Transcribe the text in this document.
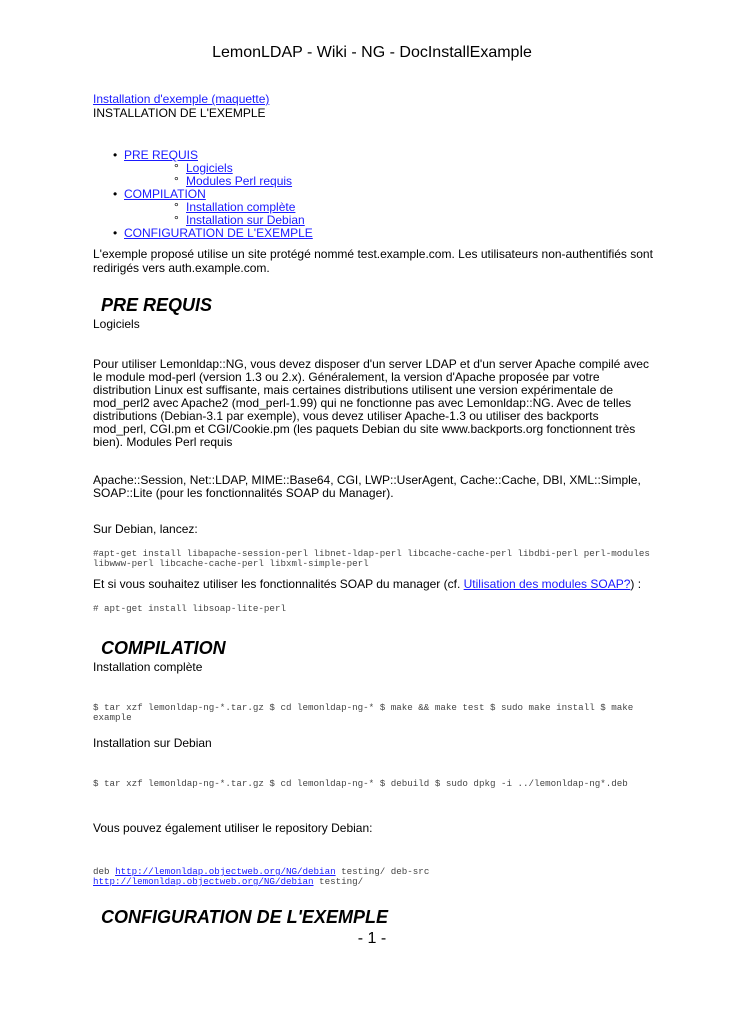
LemonLDAP - Wiki - NG - DocInstallExample
Installation d'exemple (maquette)
INSTALLATION DE L'EXEMPLE
• PRE REQUIS
° Logiciels
° Modules Perl requis
• COMPILATION
° Installation complète
° Installation sur Debian
• CONFIGURATION DE L'EXEMPLE

L'exemple proposé utilise un site protégé nommé test.example.com. Les utilisateurs non-authentifiés sont redirigés vers auth.example.com.

PRE REQUIS

Logiciels

Pour utiliser Lemonldap::NG, vous devez disposer d'un server LDAP et d'un server Apache compilé avec le module mod-perl (version 1.3 ou 2.x). Généralement, la version d'Apache proposée par votre distribution Linux est suffisante, mais certaines distributions utilisent une version expérimentale de mod_perl2 avec Apache2 (mod_perl-1.99) qui ne fonctionne pas avec Lemonldap::NG. Avec de telles distributions (Debian-3.1 par exemple), vous devez utiliser Apache-1.3 ou utiliser des backports mod_perl, CGI.pm et CGI/Cookie.pm (les paquets Debian du site www.backports.org fonctionnent très bien). Modules Perl requis

Apache::Session, Net::LDAP, MIME::Base64, CGI, LWP::UserAgent, Cache::Cache, DBI, XML::Simple, SOAP::Lite (pour les fonctionnalités SOAP du Manager).

Sur Debian, lancez:

#apt-get install libapache-session-perl libnet-ldap-perl libcache-cache-perl libdbi-perl perl-modules libwww-perl libcache-cache-perl libxml-simple-perl

Et si vous souhaitez utiliser les fonctionnalités SOAP du manager (cf. Utilisation des modules SOAP?) :

# apt-get install libsoap-lite-perl
COMPILATION

Installation complète

$ tar xzf lemonldap-ng-*.tar.gz $ cd lemonldap-ng-* $ make && make test $ sudo make install $ make example

Installation sur Debian

$ tar xzf lemonldap-ng-*.tar.gz $ cd lemonldap-ng-* $ debuild $ sudo dpkg -i ../lemonldap-ng*.deb

Vous pouvez également utiliser le repository Debian:

deb http://lemonldap.objectweb.org/NG/debian testing/ deb-src
http://lemonldap.objectweb.org/NG/debian testing/
CONFIGURATION DE L'EXEMPLE
- 1 -
